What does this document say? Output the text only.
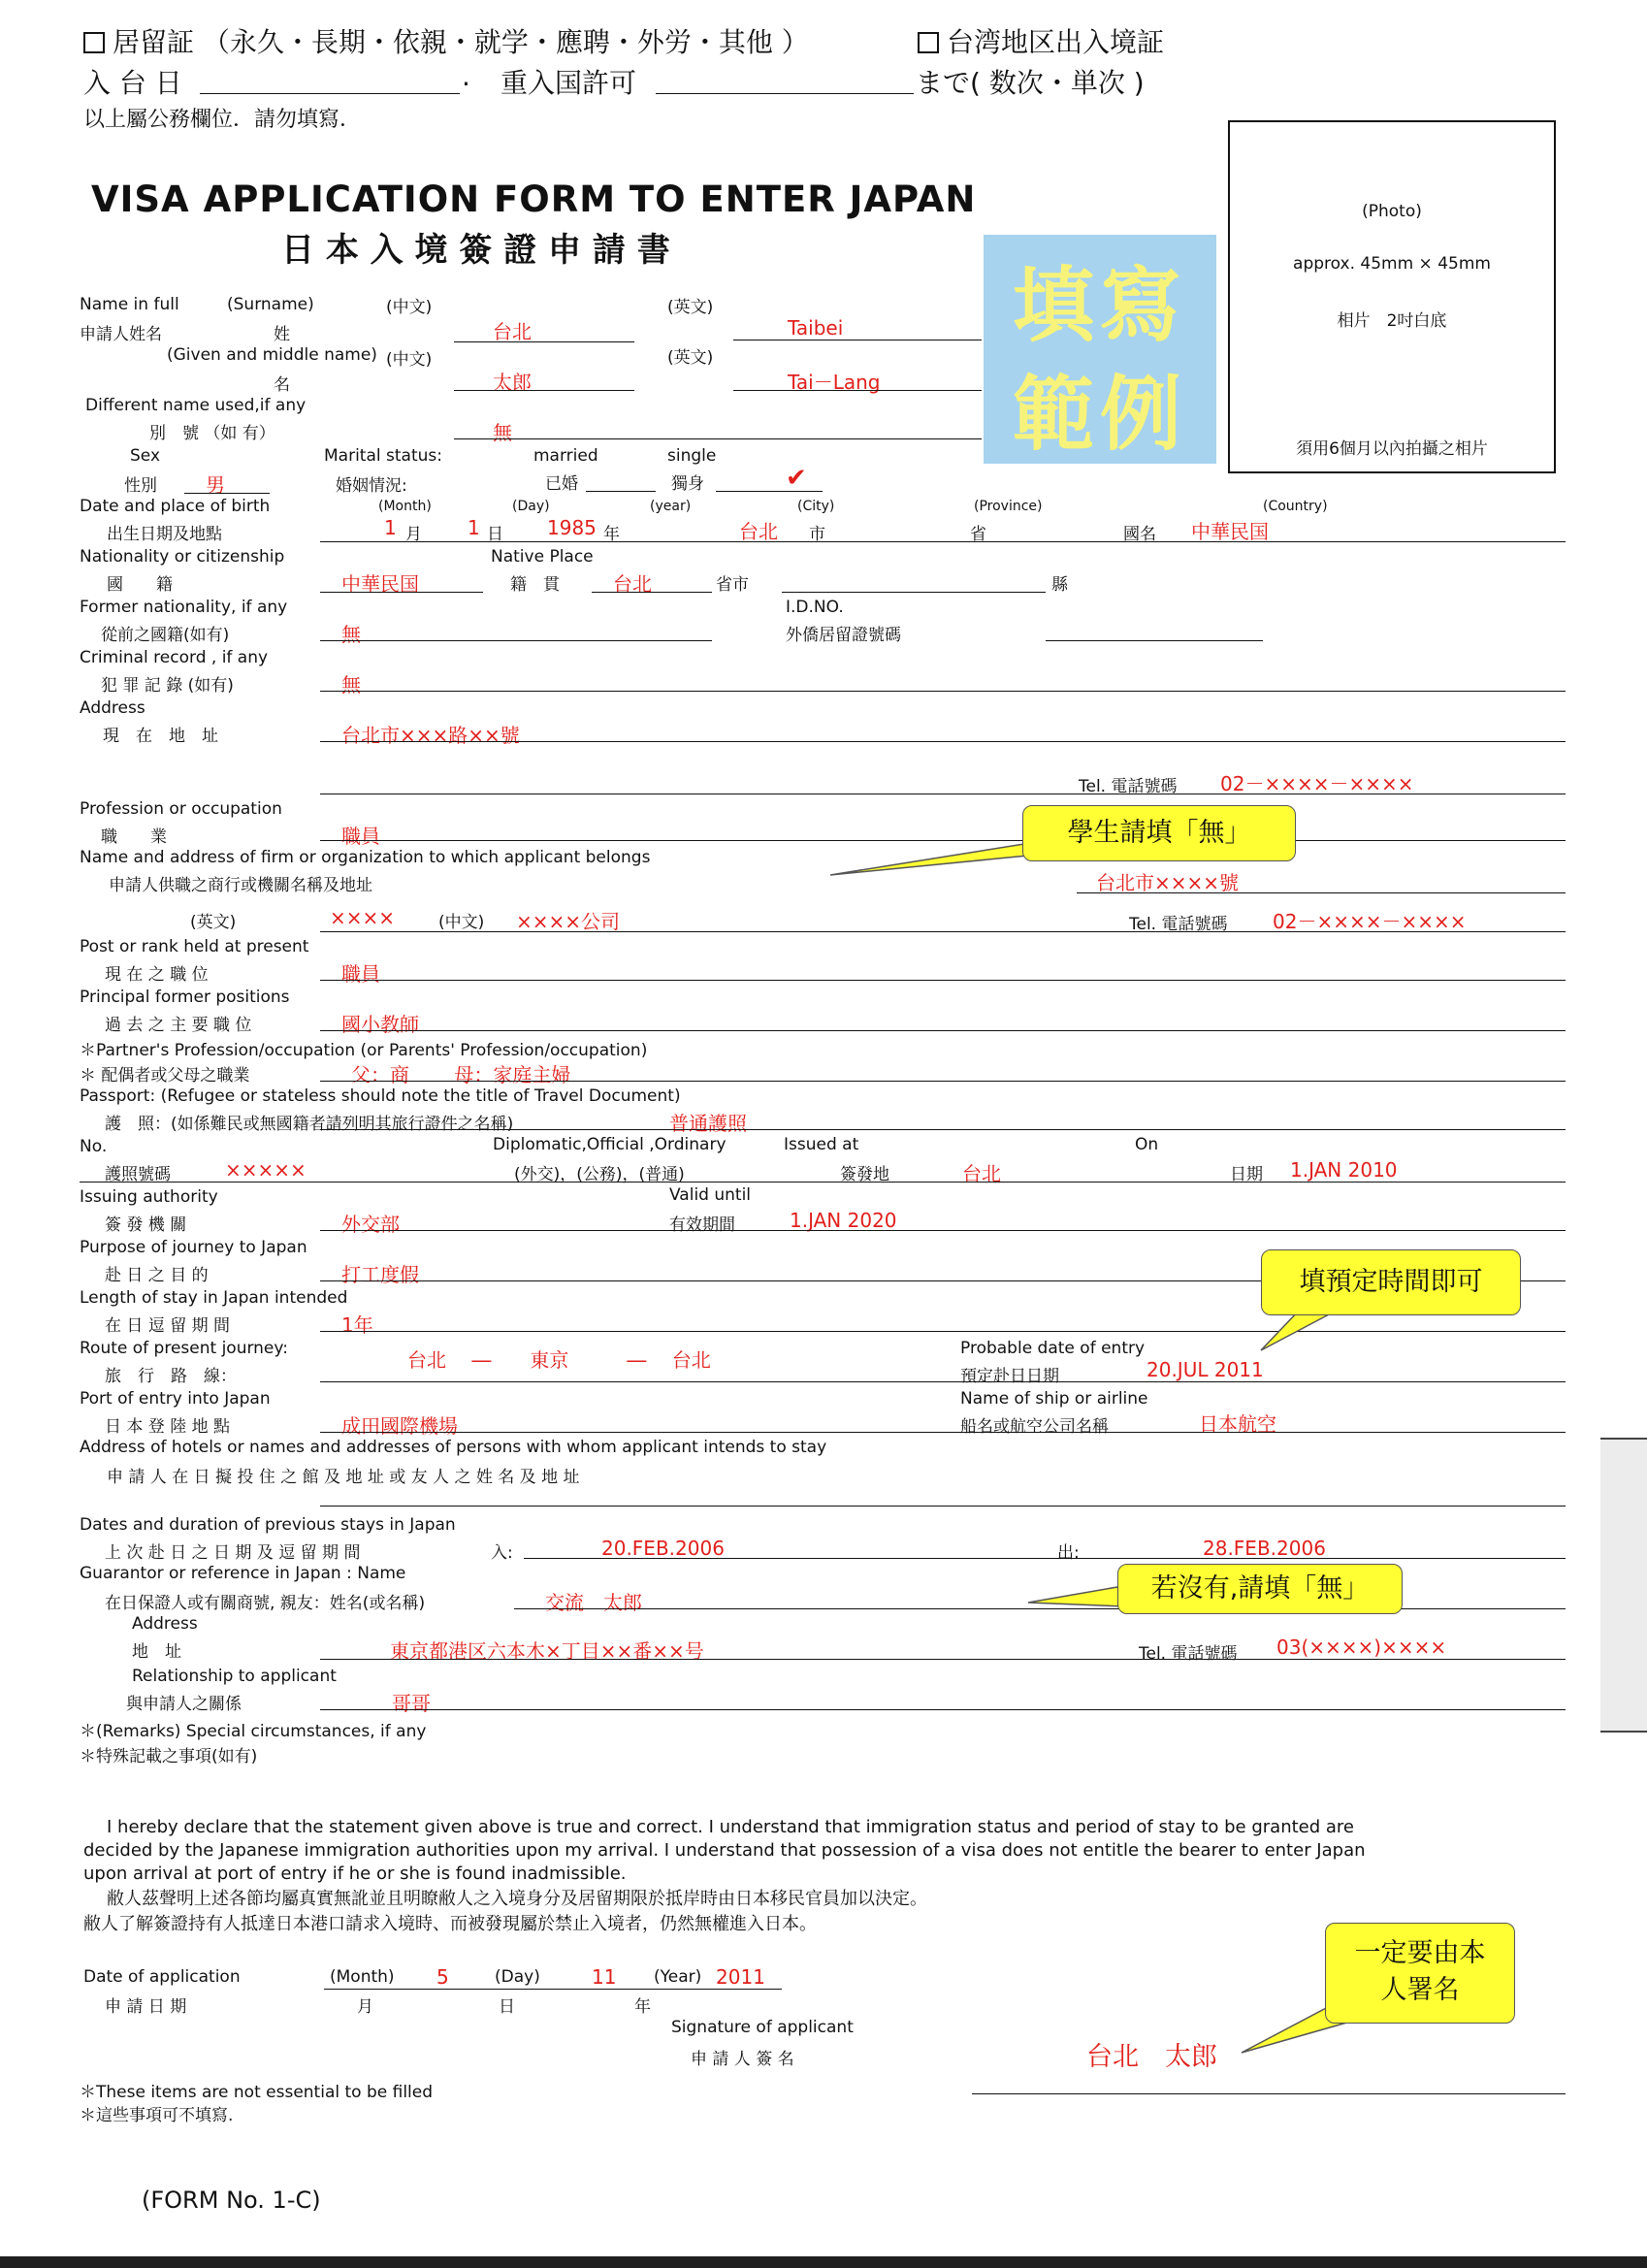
居留証 （永久・長期・依親・就学・應聘・外労・其他 ）	台湾地区出入境証
入 台 日	. 重入国許可	まで( 数次・単次 )
以上屬公務欄位．請勿填寫．
VISA APPLICATION FORM TO ENTER JAPAN
日 本 入 境 簽 證 申 請 書
填寫
範例
(Photo)
approx. 45mm × 45mm
相片　2吋白底
須用6個月以內拍攝之相片
Name in full	(Surname)	(中文)	(英文)
申請人姓名	姓	台北	Taibei
(Given and middle name) (中文)	(英文)
名	太郎	Tai－Lang
Different name used,if any
別　號 （如 有）	無
Sex
性別	男
Marital status:
婚姻情況:
married
已婚
single
獨身	✔
Date and place of birth	(Month)	(Day)	(year)	(City)	(Province)	(Country)
出生日期及地點	1 月 1 日 1985 年	台北 市	省	國名 中華民国
Nationality or citizenship
國　　籍	中華民国
Native Place
籍　貫	台北	省市	縣
Former nationality, if any
從前之國籍(如有)	無
I.D.NO.
外僑居留證號碼
Criminal record , if any
犯 罪 記 錄 (如有)	無
Address
現　在　地　址	台北市×××路××號
Tel. 電話號碼 02－××××－××××
Profession or occupation
職　　業	職員
Name and address of firm or organization to which applicant belongs
申請人供職之商行或機關名稱及地址	台北市××××號
(英文)	××××	(中文) ××××公司	Tel. 電話號碼 02－××××－××××
Post or rank held at present
現 在 之 職 位	職員
Principal former positions
過 去 之 主 要 職 位	國小教師
＊Partner's Profession/occupation (or Parents' Profession/occupation)
＊ 配偶者或父母之職業	父：商　　 母：家庭主婦
Passport: (Refugee or stateless should note the title of Travel Document)
護　照：(如係難民或無國籍者請列明其旅行證件之名稱)	普通護照
No.	Diplomatic,Official ,Ordinary	Issued at	On
護照號碼	×××××	(外交)，(公務)，(普通)	簽發地	台北	日期 1.JAN 2010
Issuing authority
簽 發 機 關	外交部
Valid until
有效期間	1.JAN 2020
Purpose of journey to Japan
赴 日 之 目 的	打工度假
Length of stay in Japan intended
在 日 逗 留 期 間	1年
Route of present journey:
旅　行　路　線：
台北　 ―　　東京　　　―　 台北	Probable date of entry
預定赴日日期	20.JUL 2011
Port of entry into Japan
日 本 登 陸 地 點	成田國際機場
Name of ship or airline
船名或航空公司名稱	日本航空
Address of hotels or names and addresses of persons with whom applicant intends to stay
申 請 人 在 日 擬 投 住 之 館 及 地 址 或 友 人 之 姓 名 及 地 址
Dates and duration of previous stays in Japan
上 次 赴 日 之 日 期 及 逗 留 期 間	入:	20.FEB.2006	出:	28.FEB.2006
Guarantor or reference in Japan : Name
在日保證人或有關商號, 親友：姓名(或名稱)	交流　太郎
Address
地　址	東京都港区六本木×丁目××番××号	Tel. 電話號碼 03(××××)××××
Relationship to applicant
與申請人之關係	哥哥
＊(Remarks) Special circumstances, if any
＊特殊記載之事項(如有)
I hereby declare that the statement given above is true and correct. I understand that immigration status and period of stay to be granted are
decided by the Japanese immigration authorities upon my arrival. I understand that possession of a visa does not entitle the bearer to enter Japan
upon arrival at port of entry if he or she is found inadmissible.
敝人茲聲明上述各節均屬真實無訛並且明瞭敝人之入境身分及居留期限於抵岸時由日本移民官員加以決定。
敝人了解簽證持有人抵達日本港口請求入境時、而被發現屬於禁止入境者，仍然無權進入日本。
Date of application
申 請 日 期
(Month) 5	(Day)	11 (Year) 2011
月	日	年
Signature of applicant
申 請 人 簽 名	台北　太郎
＊These items are not essential to be filled
＊這些事項可不填寫.
(FORM No. 1-C)
學生請填「無」
填預定時間即可
若沒有,請填「無」
一定要由本人署名
